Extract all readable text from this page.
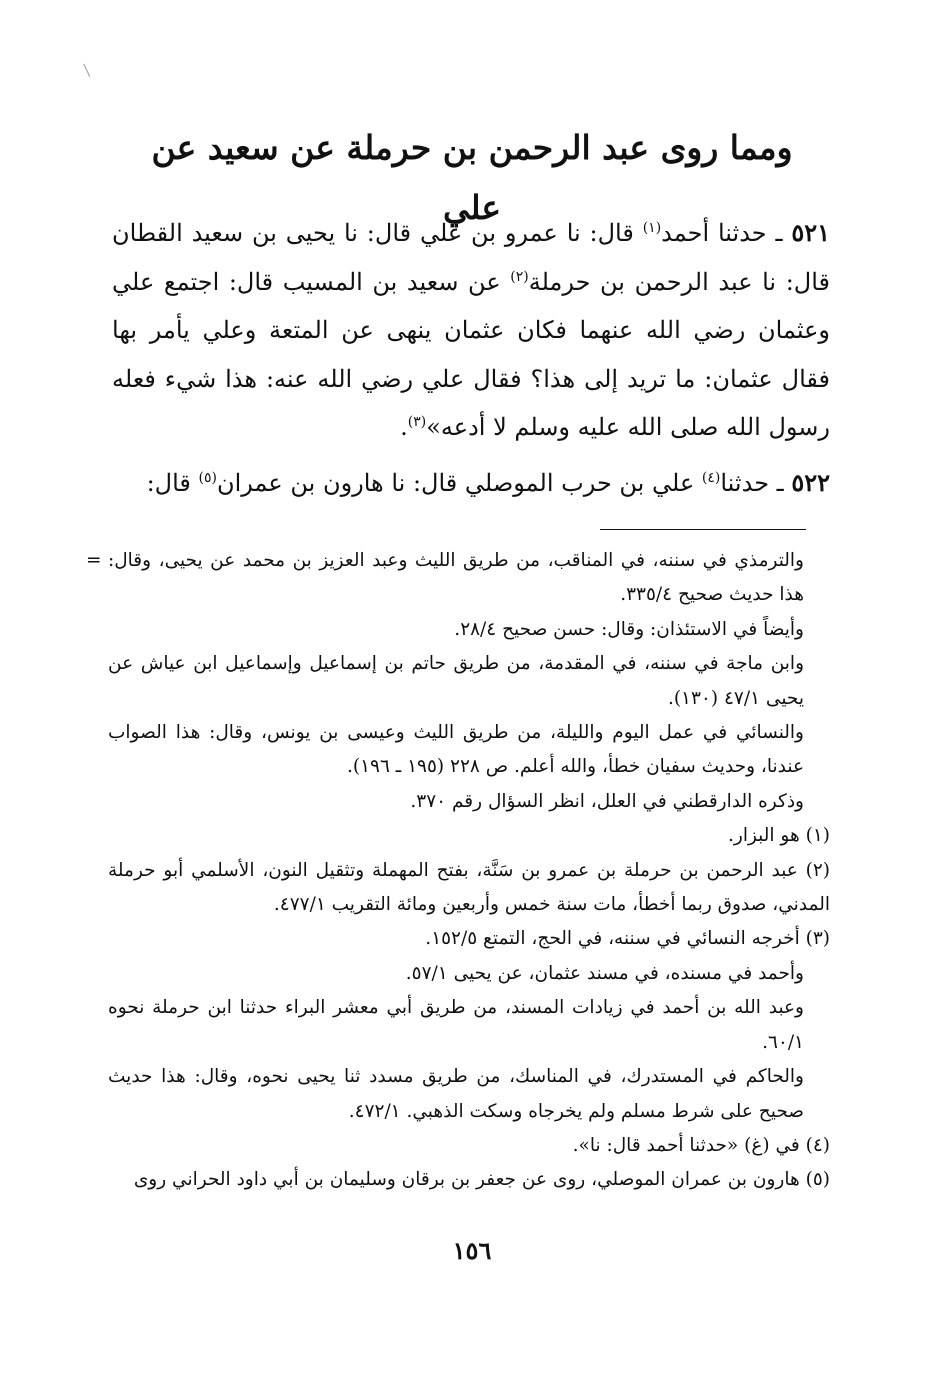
ومما روى عبد الرحمن بن حرملة عن سعيد عن علي

٥٢١ ـ حدثنا أحمد$^{(١)}$ قال: نا عمرو بن علي قال: نا يحيى بن سعيد القطان قال: نا عبد الرحمن بن حرملة$^{(٢)}$ عن سعيد بن المسيب قال: اجتمع علي وعثمان رضي الله عنهما فكان عثمان ينهى عن المتعة وعلي يأمر بها فقال عثمان: ما تريد إلى هذا؟ فقال علي رضي الله عنه: هذا شيء فعله رسول الله صلى الله عليه وسلم لا أدعه»$^{(٣)}$.

٥٢٢ ـ حدثنا$^{(٤)}$ علي بن حرب الموصلي قال: نا هارون بن عمران$^{(٥)}$ قال:

= والترمذي في سننه، في المناقب، من طريق الليث وعبد العزيز بن محمد عن يحيى، وقال: هذا حديث صحيح ٣٣٥/٤.

وأيضاً في الاستئذان: وقال: حسن صحيح ٢٨/٤.

وابن ماجة في سننه، في المقدمة، من طريق حاتم بن إسماعيل وإسماعيل ابن عياش عن يحيى ٤٧/١ (١٣٠).

والنسائي في عمل اليوم والليلة، من طريق الليث وعيسى بن يونس، وقال: هذا الصواب عندنا، وحديث سفيان خطأ، والله أعلم. ص ٢٢٨ (١٩٥ ـ ١٩٦).

وذكره الدارقطني في العلل، انظر السؤال رقم ٣٧٠.

(١) هو البزار.

(٢) عبد الرحمن بن حرملة بن عمرو بن سَنَّة، بفتح المهملة وتثقيل النون، الأسلمي أبو حرملة المدني، صدوق ربما أخطأ، مات سنة خمس وأربعين ومائة التقريب ٤٧٧/١.

(٣) أخرجه النسائي في سننه، في الحج، التمتع ١٥٢/٥.

وأحمد في مسنده، في مسند عثمان، عن يحيى ٥٧/١.

وعبد الله بن أحمد في زيادات المسند، من طريق أبي معشر البراء حدثنا ابن حرملة نحوه ٦٠/١.

والحاكم في المستدرك، في المناسك، من طريق مسدد ثنا يحيى نحوه، وقال: هذا حديث صحيح على شرط مسلم ولم يخرجاه وسكت الذهبي. ٤٧٢/١.

(٤) في (غ) «حدثنا أحمد قال: نا».

(٥) هارون بن عمران الموصلي، روى عن جعفر بن برقان وسليمان بن أبي داود الحراني روى

١٥٦
